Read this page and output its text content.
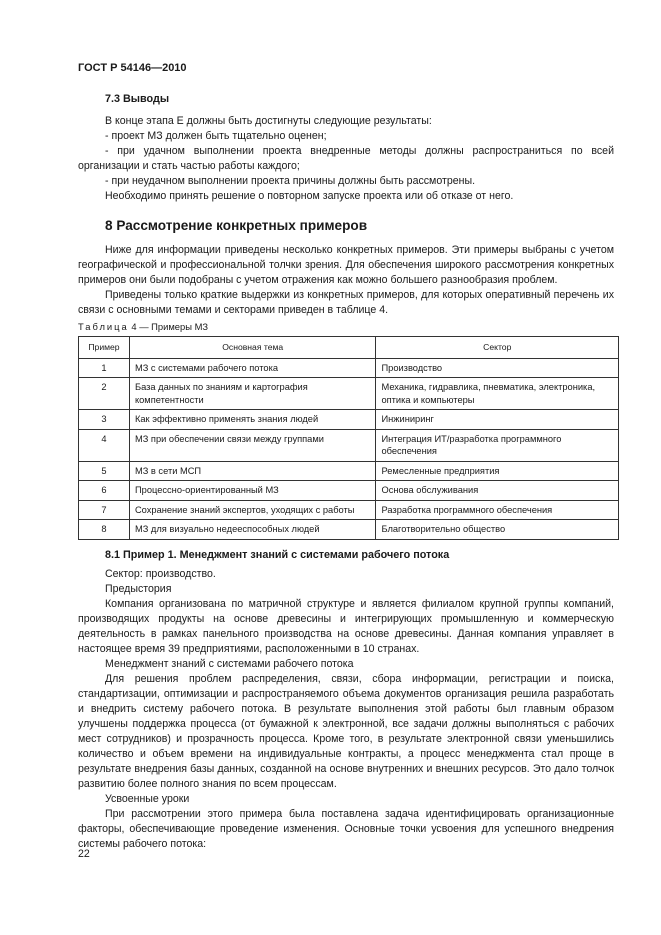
ГОСТ Р 54146—2010
7.3 Выводы

В конце этапа Е должны быть достигнуты следующие результаты:

- проект МЗ должен быть тщательно оценен;

- при удачном выполнении проекта внедренные методы должны распространиться по всей организации и стать частью работы каждого;

- при неудачном выполнении проекта причины должны быть рассмотрены.

Необходимо принять решение о повторном запуске проекта или об отказе от него.

8 Рассмотрение конкретных примеров

Ниже для информации приведены несколько конкретных примеров. Эти примеры выбраны с учетом географической и профессиональной толчки зрения. Для обеспечения широкого рассмотрения конкретных примеров они были подобраны с учетом отражения как можно большего разнообразия проблем.

Приведены только краткие выдержки из конкретных примеров, для которых оперативный перечень их связи с основными темами и секторами приведен в таблице 4.

Таблица 4 — Примеры МЗ
Пример	Основная тема	Сектор
1	МЗ с системами рабочего потока	Производство
2	База данных по знаниям и картография компетентности	Механика, гидравлика, пневматика, электроника, оптика и компьютеры
3	Как эффективно применять знания людей	Инжиниринг
4	МЗ при обеспечении связи между группами	Интеграция ИТ/разработка программного обеспечения
5	МЗ в сети МСП	Ремесленные предприятия
6	Процессно-ориентированный МЗ	Основа обслуживания
7	Сохранение знаний экспертов, уходящих с работы	Разработка программного обеспечения
8	МЗ для визуально недееспособных людей	Благотворительно общество
8.1 Пример 1. Менеджмент знаний с системами рабочего потока

Сектор: производство.

Предыстория

Компания организована по матричной структуре и является филиалом крупной группы компаний, производящих продукты на основе древесины и интегрирующих промышленную и коммерческую деятельность в рамках панельного производства на основе древесины. Данная компания управляет в настоящее время 39 предприятиями, расположенными в 10 странах.

Менеджмент знаний с системами рабочего потока

Для решения проблем распределения, связи, сбора информации, регистрации и поиска, стандартизации, оптимизации и распространяемого объема документов организация решила разработать и внедрить систему рабочего потока. В результате выполнения этой работы был главным образом улучшены поддержка процесса (от бумажной к электронной, все задачи должны выполняться с рабочих мест сотрудников) и прозрачность процесса. Кроме того, в результате электронной связи уменьшились количество и объем времени на индивидуальные контракты, а процесс менеджмента стал проще в результате внедрения базы данных, созданной на основе внутренних и внешних ресурсов. Это дало толчок развитию более полного знания по всем процессам.

Усвоенные уроки

При рассмотрении этого примера была поставлена задача идентифицировать организационные факторы, обеспечивающие проведение изменения. Основные точки усвоения для успешного внедрения системы рабочего потока:

22
